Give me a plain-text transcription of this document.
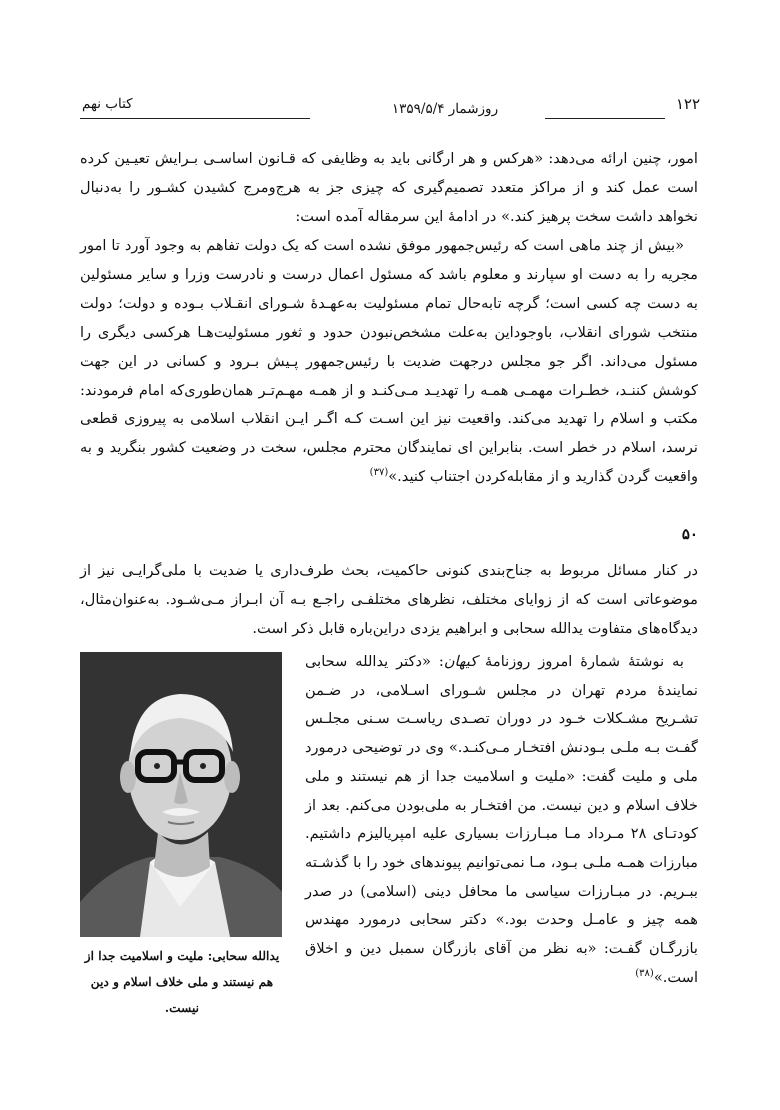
۱۲۲
روزشمار ۱۳۵۹/۵/۴
کتاب نهم
امور، چنین ارائه می‌دهد: «هرکس و هر ارگانی باید به وظایفی که قـانون اساسـی بـرایش تعیـین کرده است عمل کند و از مراکز متعدد تصمیم‌گیری که چیزی جز به هرج‌ومرج کشیدن کشـور را به‌دنبال نخواهد داشت سخت پرهیز کند.» در ادامهٔ این سرمقاله آمده است:
«بیش از چند ماهی است که رئیس‌جمهور موفق نشده است که یک دولت تفاهم به وجود آورد تا امور مجریه را به دست او سپارند و معلوم باشد که مسئول اعمال درست و نادرست وزرا و سایر مسئولین به دست چه کسی است؛ گرچه تابه‌حال تمام مسئولیت به‌عهـدهٔ شـورای انقـلاب بـوده و دولت؛ دولت منتخب شورای انقلاب، باوجوداین به‌علت مشخص‌نبودن حدود و ثغور مسئولیت‌هـا هرکسی دیگری را مسئول می‌داند. اگر جو مجلس درجهت ضدیت با رئیس‌جمهور پـیش بـرود و کسانی در این جهت کوشش کننـد، خطـرات مهمـی همـه را تهدیـد مـی‌کنـد و از همـه مهـم‌تـر همان‌طوری‌که امام فرمودند: مکتب و اسلام را تهدید می‌کند. واقعیت نیز این اسـت کـه اگـر ایـن انقلاب اسلامی به پیروزی قطعی نرسد، اسلام در خطر است. بنابراین ای نمایندگان محترم مجلس، سخت در وضعیت کشور بنگرید و به واقعیت گردن گذارید و از مقابله‌کردن اجتناب کنید.»$^{(۳۷)}$
۵۰
در کنار مسائل مربوط به جناح‌بندی کنونی حاکمیت، بحث طرف‌داری یا ضدیت با ملی‌گرایـی نیز از موضوعاتی است که از زوایای مختلف، نظرهای مختلفـی راجـع بـه آن ابـراز مـی‌شـود. به‌عنوان‌مثال، دیدگاه‌های متفاوت یدالله سحابی و ابراهیم یزدی دراین‌باره قابل ذکر است.
به نوشتهٔ شمارهٔ امروز روزنامهٔ کیهان: «دکتر یدالله سحابی نمایندهٔ مردم تهران در مجلس شـورای اسـلامی، در ضـمن تشـریح مشـکلات خـود در دوران تصـدی ریاسـت سـنی مجلـس گفـت بـه ملـی بـودنش افتخـار مـی‌کنـد.» وی در توضیحی درمورد ملی و ملیت گفت: «ملیت و اسلامیت جدا از هم نیستند و ملی خلاف اسلام و دین نیست. من افتخـار به ملی‌بودن می‌کنم. بعد از کودتـای ۲۸ مـرداد مـا مبـارزات بسیاری علیه امپریالیزم داشتیم. مبارزات همـه ملـی بـود، مـا نمی‌توانیم پیوندهای خود را با گذشـته ببـریم. در مبـارزات سیاسی ما محافل دینی (اسلامی) در صدر همه چیز و عامـل وحدت بود.» دکتر سحابی درمورد مهندس بازرگـان گفـت: «به نظر من آقای بازرگان سمبل دین و اخلاق است.»$^{(۳۸)}$
یدالله سحابی: ملیت و اسلامیت جدا از هم نیستند و ملی خلاف اسلام و دین نیست.
